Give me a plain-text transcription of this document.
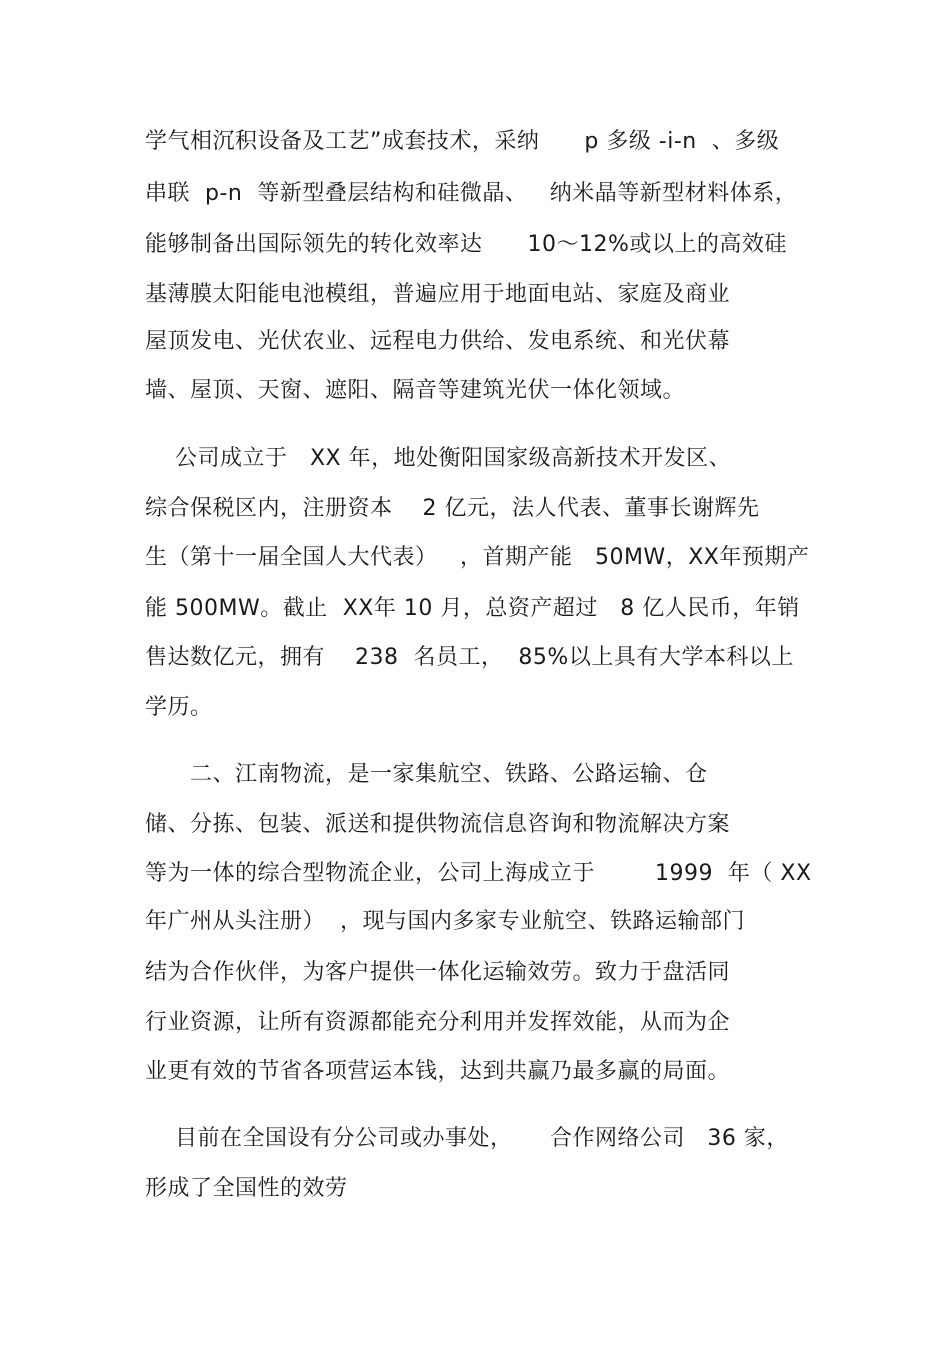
学气相沉积设备及工艺”成套技术，采纳      p 多级 -i-n  、多级
串联  p-n  等新型叠层结构和硅微晶、   纳米晶等新型材料体系，
能够制备出国际领先的转化效率达      10～12%或以上的高效硅
基薄膜太阳能电池模组，普遍应用于地面电站、家庭及商业
屋顶发电、光伏农业、远程电力供给、发电系统、和光伏幕
墙、屋顶、天窗、遮阳、隔音等建筑光伏一体化领域。
公司成立于   XX 年，地处衡阳国家级高新技术开发区、
综合保税区内，注册资本    2 亿元，法人代表、董事长谢辉先
生（第十一届全国人大代表）   ，首期产能   50MW，XX年预期产
能 500MW。截止  XX年 10 月，总资产超过   8 亿人民币，年销
售达数亿元，拥有    238  名员工，  85%以上具有大学本科以上
学历。
二、江南物流，是一家集航空、铁路、公路运输、仓
储、分拣、包装、派送和提供物流信息咨询和物流解决方案
等为一体的综合型物流企业，公司上海成立于        1999  年（ XX
年广州从头注册）  ，现与国内多家专业航空、铁路运输部门
结为合作伙伴，为客户提供一体化运输效劳。致力于盘活同
行业资源，让所有资源都能充分利用并发挥效能，从而为企
业更有效的节省各项营运本钱，达到共赢乃最多赢的局面。
目前在全国设有分公司或办事处，     合作网络公司   36 家，
形成了全国性的效劳
